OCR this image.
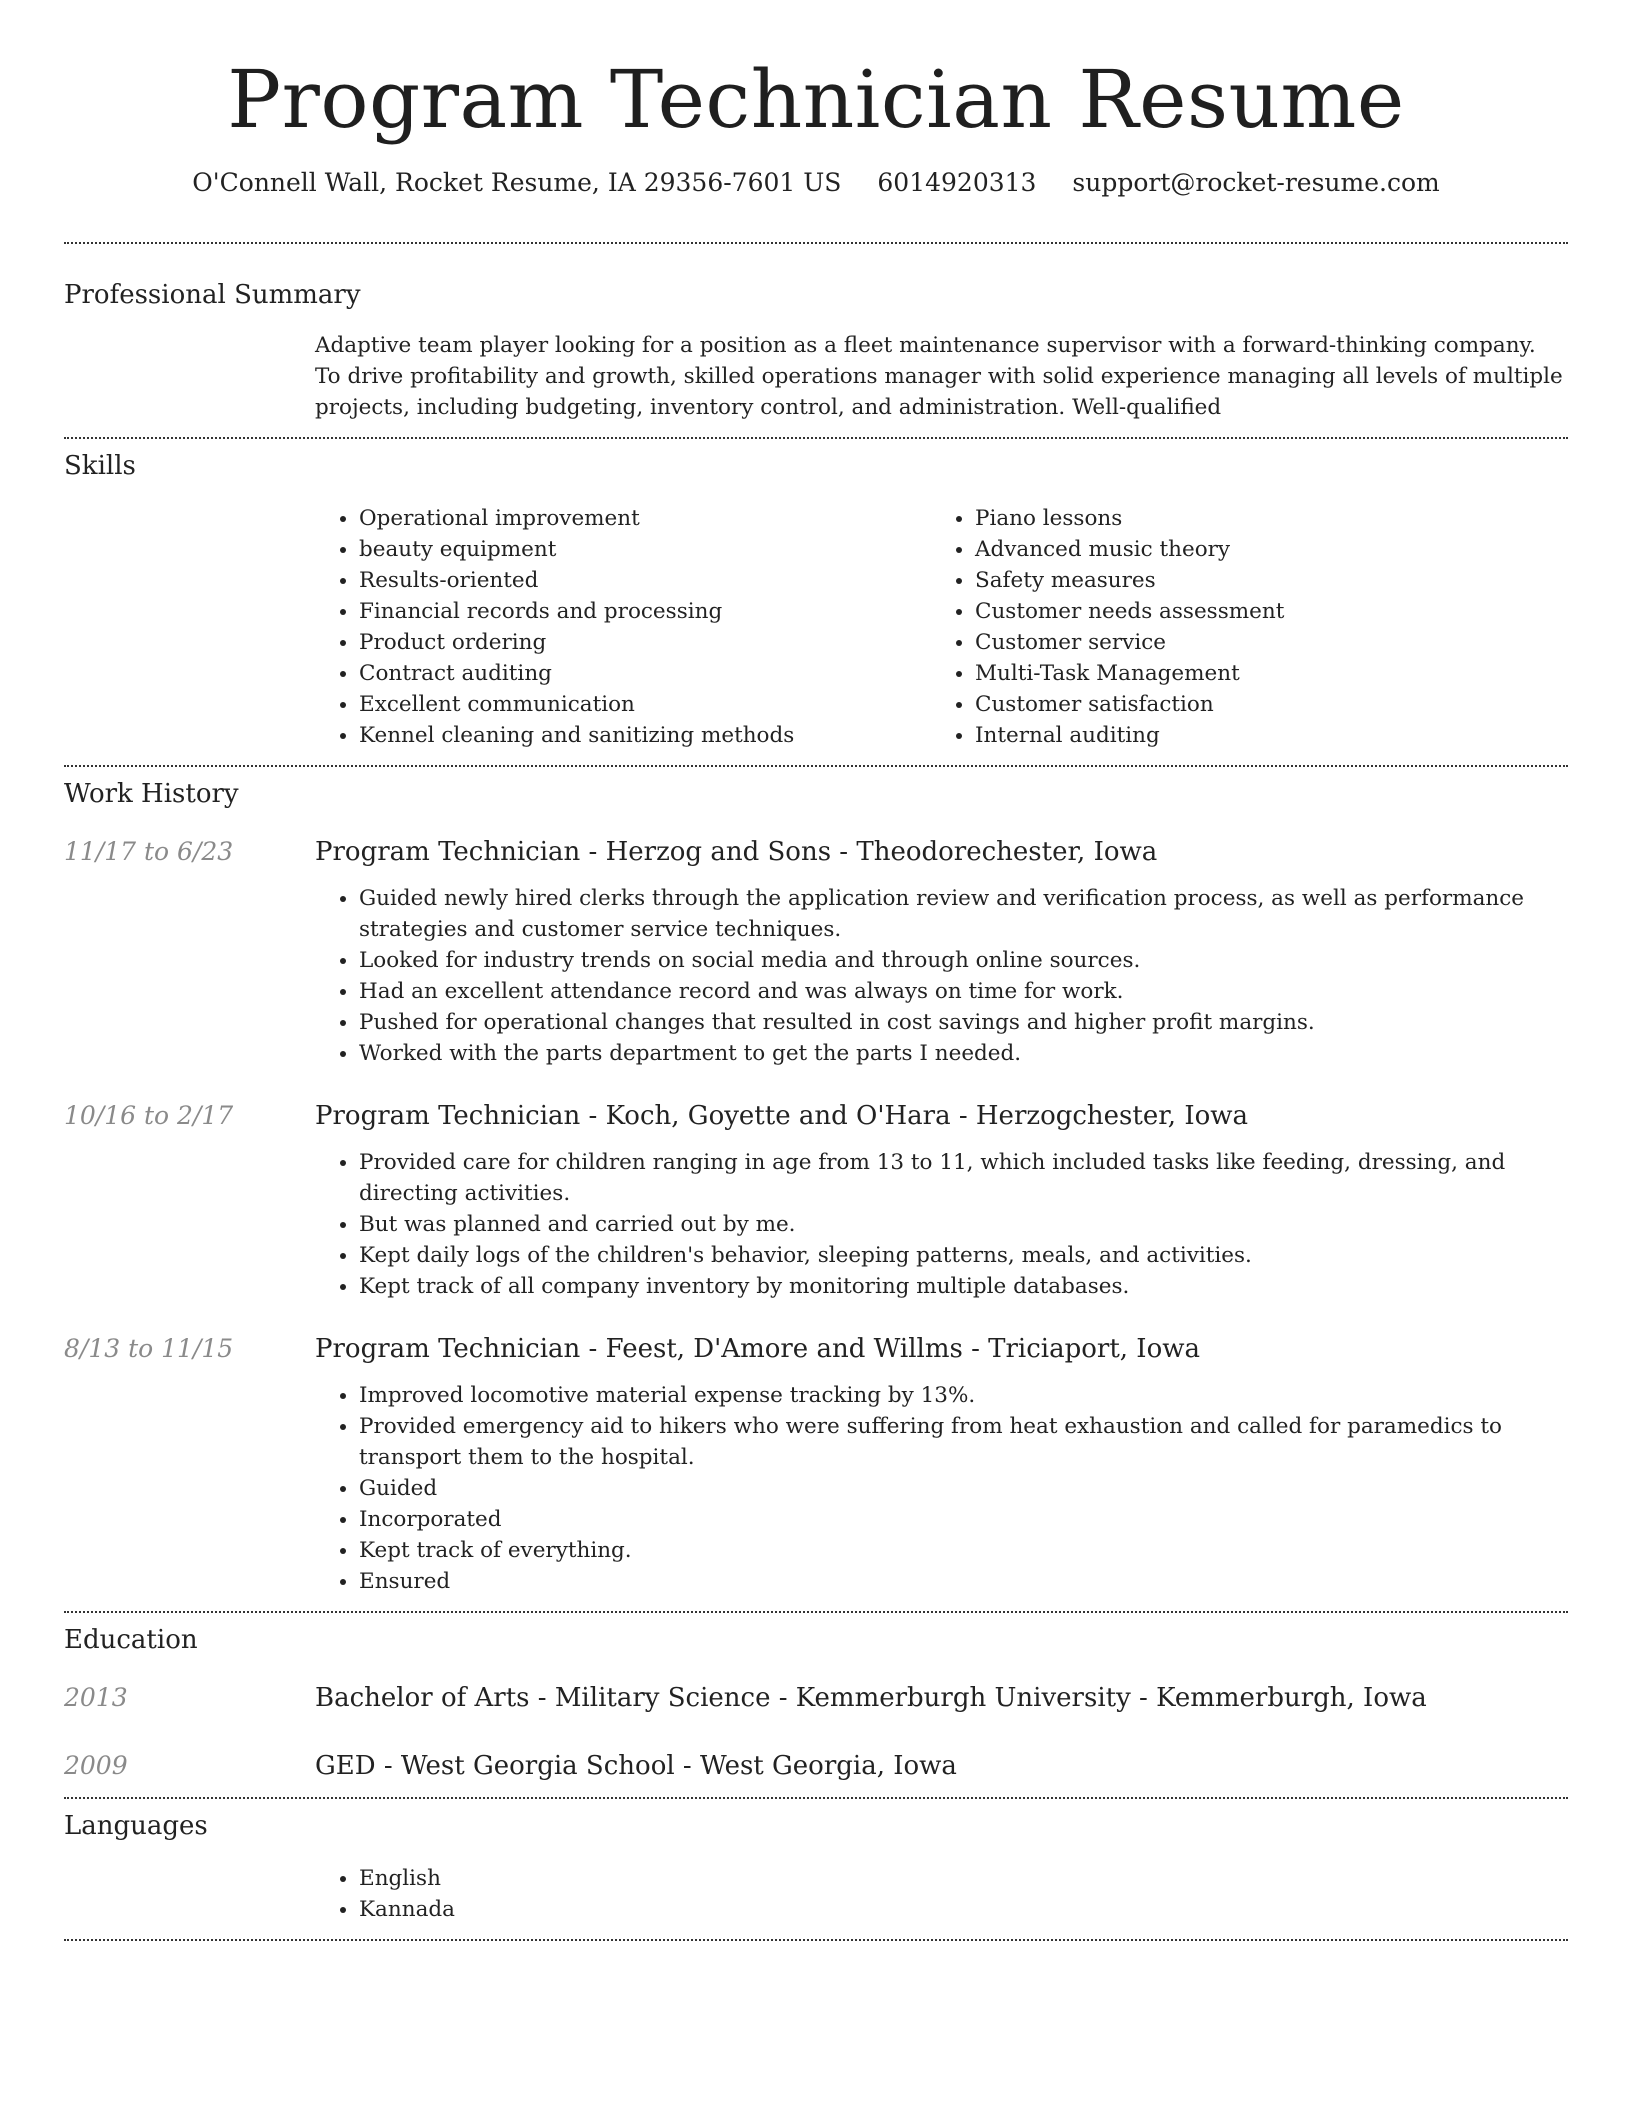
Program Technician Resume
O'Connell Wall, Rocket Resume, IA 29356-7601 US 6014920313 support@rocket-resume.com
Professional Summary

Adaptive team player looking for a position as a fleet maintenance supervisor with a forward-thinking company. To drive profitability and growth, skilled operations manager with solid experience managing all levels of multiple projects, including budgeting, inventory control, and administration. Well-qualified

Skills
• Operational improvement
• beauty equipment
• Results-oriented
• Financial records and processing
• Product ordering
• Contract auditing
• Excellent communication
• Kennel cleaning and sanitizing methods
• Piano lessons
• Advanced music theory
• Safety measures
• Customer needs assessment
• Customer service
• Multi-Task Management
• Customer satisfaction
• Internal auditing
Work History
11/17 to 6/23	Program Technician - Herzog and Sons - Theodorechester, Iowa
• Guided newly hired clerks through the application review and verification process, as well as performance strategies and customer service techniques.
• Looked for industry trends on social media and through online sources.
• Had an excellent attendance record and was always on time for work.
• Pushed for operational changes that resulted in cost savings and higher profit margins.
• Worked with the parts department to get the parts I needed.
10/16 to 2/17	Program Technician - Koch, Goyette and O'Hara - Herzogchester, Iowa
• Provided care for children ranging in age from 13 to 11, which included tasks like feeding, dressing, and directing activities.
• But was planned and carried out by me.
• Kept daily logs of the children's behavior, sleeping patterns, meals, and activities.
• Kept track of all company inventory by monitoring multiple databases.
8/13 to 11/15	Program Technician - Feest, D'Amore and Willms - Triciaport, Iowa
• Improved locomotive material expense tracking by 13%.
• Provided emergency aid to hikers who were suffering from heat exhaustion and called for paramedics to transport them to the hospital.
• Guided
• Incorporated
• Kept track of everything.
• Ensured
Education
2013	Bachelor of Arts - Military Science - Kemmerburgh University - Kemmerburgh, Iowa
2009	GED - West Georgia School - West Georgia, Iowa
Languages
• English
• Kannada
